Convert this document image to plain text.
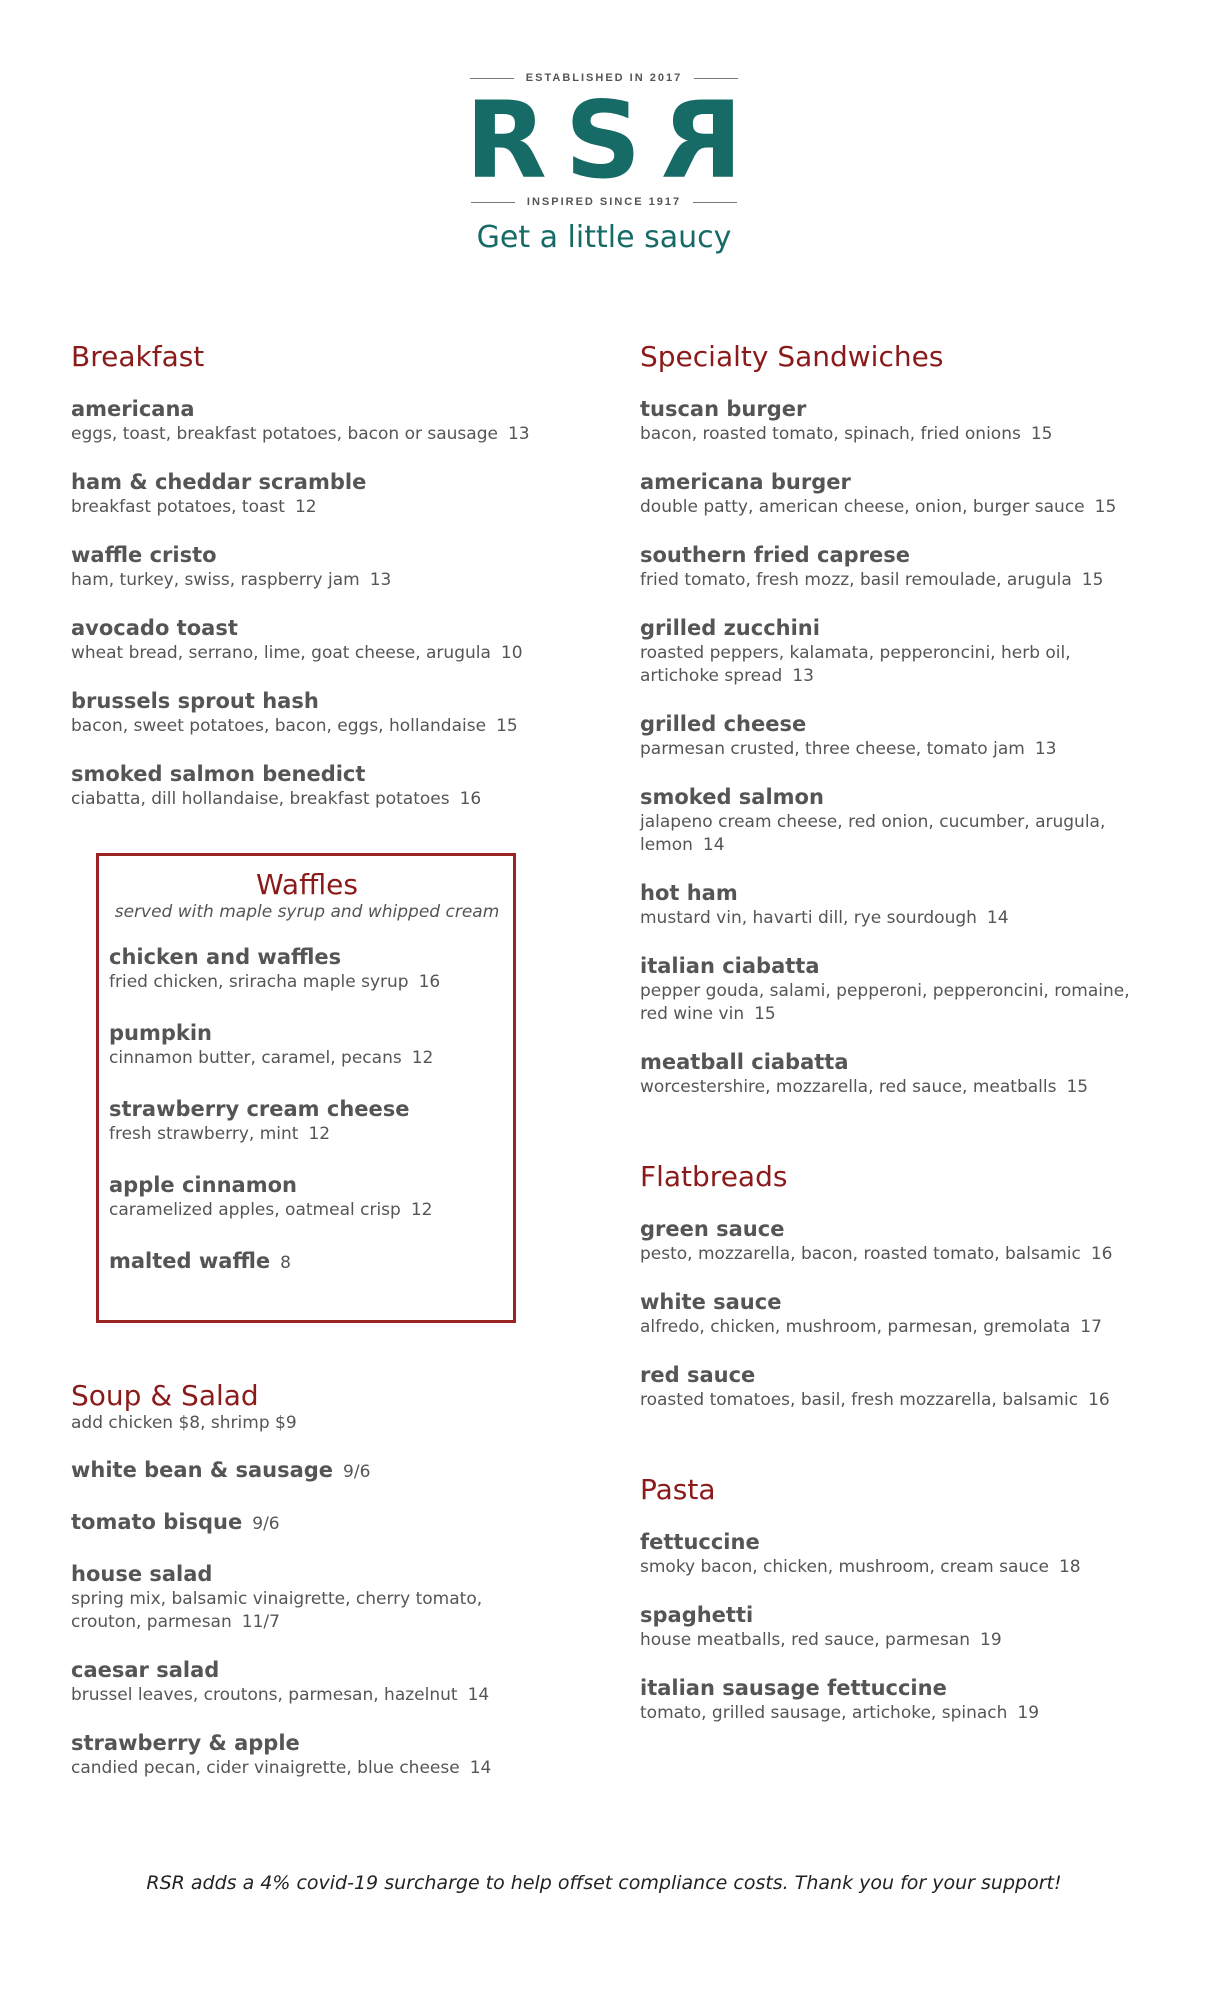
ESTABLISHED IN 2017
R S R
INSPIRED SINCE 1917
Get a little saucy
Breakfast
americana
eggs, toast, breakfast potatoes, bacon or sausage 13
ham & cheddar scramble
breakfast potatoes, toast 12
waffle cristo
ham, turkey, swiss, raspberry jam 13
avocado toast
wheat bread, serrano, lime, goat cheese, arugula 10
brussels sprout hash
bacon, sweet potatoes, bacon, eggs, hollandaise 15
smoked salmon benedict
ciabatta, dill hollandaise, breakfast potatoes 16
Waffles
served with maple syrup and whipped cream
chicken and waffles
fried chicken, sriracha maple syrup 16
pumpkin
cinnamon butter, caramel, pecans 12
strawberry cream cheese
fresh strawberry, mint 12
apple cinnamon
caramelized apples, oatmeal crisp 12
malted waffle 8
Soup & Salad
add chicken $8, shrimp $9
white bean & sausage 9/6
tomato bisque 9/6
house salad
spring mix, balsamic vinaigrette, cherry tomato, crouton, parmesan 11/7
caesar salad
brussel leaves, croutons, parmesan, hazelnut 14
strawberry & apple
candied pecan, cider vinaigrette, blue cheese 14
Specialty Sandwiches
tuscan burger
bacon, roasted tomato, spinach, fried onions 15
americana burger
double patty, american cheese, onion, burger sauce 15
southern fried caprese
fried tomato, fresh mozz, basil remoulade, arugula 15
grilled zucchini
roasted peppers, kalamata, pepperoncini, herb oil, artichoke spread 13
grilled cheese
parmesan crusted, three cheese, tomato jam 13
smoked salmon
jalapeno cream cheese, red onion, cucumber, arugula, lemon 14
hot ham
mustard vin, havarti dill, rye sourdough 14
italian ciabatta
pepper gouda, salami, pepperoni, pepperoncini, romaine, red wine vin 15
meatball ciabatta
worcestershire, mozzarella, red sauce, meatballs 15
Flatbreads
green sauce
pesto, mozzarella, bacon, roasted tomato, balsamic 16
white sauce
alfredo, chicken, mushroom, parmesan, gremolata 17
red sauce
roasted tomatoes, basil, fresh mozzarella, balsamic 16
Pasta
fettuccine
smoky bacon, chicken, mushroom, cream sauce 18
spaghetti
house meatballs, red sauce, parmesan 19
italian sausage fettuccine
tomato, grilled sausage, artichoke, spinach 19
RSR adds a 4% covid-19 surcharge to help offset compliance costs. Thank you for your support!
